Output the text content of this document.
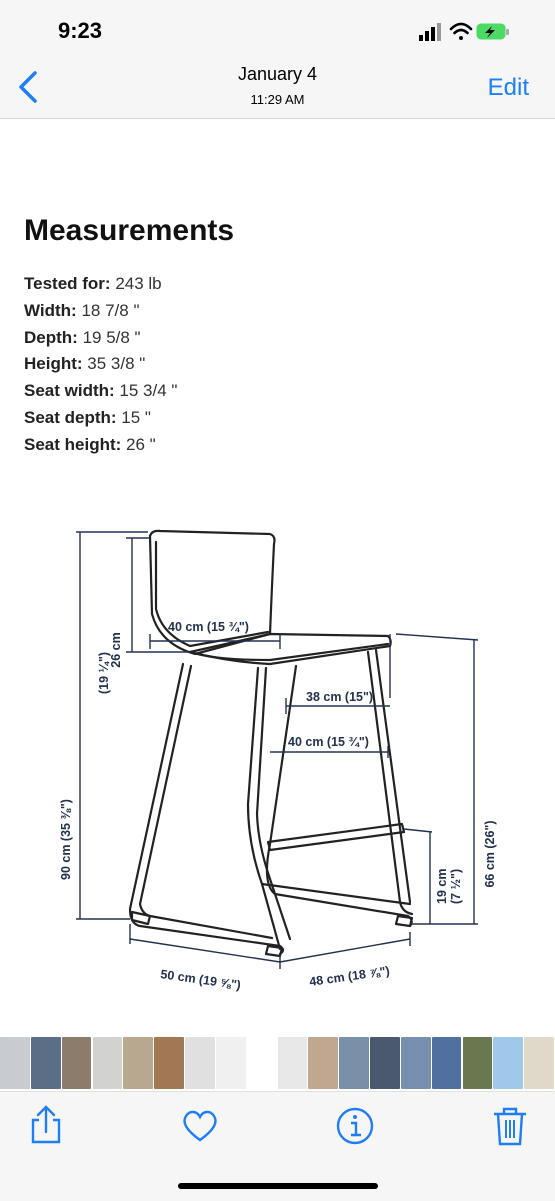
9:23
January 4
11:29 AM	Edit
Measurements
Tested for: 243 lb
Width: 18 7/8 "
Depth: 19 5/8 "
Height: 35 3/8 "
Seat width: 15 3/4 "
Seat depth: 15 "
Seat height: 26 "
40 cm (15 ¾")
26 cm
(19 ¼")
90 cm (35 ⅜")
38 cm (15")
40 cm (15 ¾")
66 cm (26")
19 cm (7 ½")
50 cm (19 ⅝")	48 cm (18 ⅞")
